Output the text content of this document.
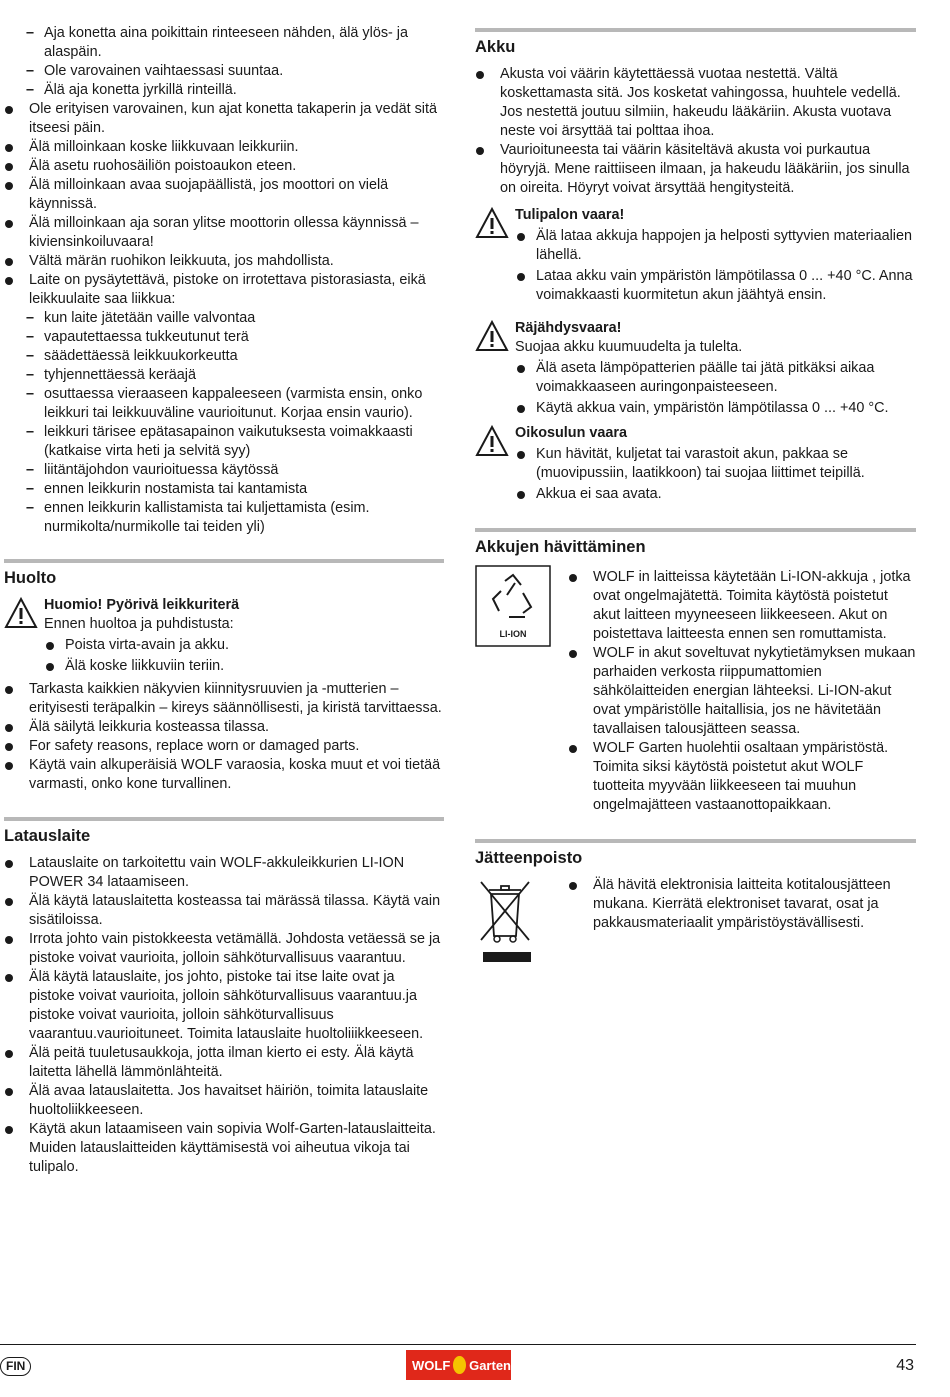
– Aja konetta aina poikittain rinteeseen nähden, älä ylös- ja alaspäin.
– Ole varovainen vaihtaessasi suuntaa.
– Älä aja konetta jyrkillä rinteillä.
Ole erityisen varovainen, kun ajat konetta takaperin ja vedät sitä itseesi päin.
Älä milloinkaan koske liikkuvaan leikkuriin.
Älä asetu ruohosäiliön poistoaukon eteen.
Älä milloinkaan avaa suojapäällistä, jos moottori on vielä käynnissä.
Älä milloinkaan aja soran ylitse moottorin ollessa käynnissä – kiviensinkoiluvaara!
Vältä märän ruohikon leikkuuta, jos mahdollista.
Laite on pysäytettävä, pistoke on irrotettava pistorasiasta, eikä leikkuulaite saa liikkua:
– kun laite jätetään vaille valvontaa
– vapautettaessa tukkeutunut terä
– säädettäessä leikkuukorkeutta
– tyhjennettäessä keräajä
– osuttaessa vieraaseen kappaleeseen (varmista ensin, onko leikkuri tai leikkuuväline vaurioitunut. Korjaa ensin vaurio).
– leikkuri tärisee epätasapainon vaikutuksesta voimakkaasti (katkaise virta heti ja selvitä syy)
– liitäntäjohdon vaurioituessa käytössä
– ennen leikkurin nostamista tai kantamista
– ennen leikkurin kallistamista tai kuljettamista (esim. nurmikolta/nurmikolle tai teiden yli)
Huolto
Huomio! Pyörivä leikkuriterä
Ennen huoltoa ja puhdistusta:
Poista virta-avain ja akku.
Älä koske liikkuviin teriin.
Tarkasta kaikkien näkyvien kiinnitysruuvien ja -mutterien – erityisesti teräpalkin – kireys säännöllisesti, ja kiristä tarvittaessa.
Älä säilytä leikkuria kosteassa tilassa.
For safety reasons, replace worn or damaged parts.
Käytä vain alkuperäisiä WOLF varaosia, koska muut et voi tietää varmasti, onko kone turvallinen.
Latauslaite
Latauslaite on tarkoitettu vain WOLF-akkuleikkurien LI-ION POWER 34 lataamiseen.
Älä käytä latauslaitetta kosteassa tai märässä tilassa. Käytä vain sisätiloissa.
Irrota johto vain pistokkeesta vetämällä. Johdosta vetäessä se ja pistoke voivat vaurioita, jolloin sähköturvallisuus vaarantuu.
Älä käytä latauslaite, jos johto, pistoke tai itse laite ovat ja pistoke voivat vaurioita, jolloin sähköturvallisuus vaarantuu.ja pistoke voivat vaurioita, jolloin sähköturvallisuus vaarantuu.vaurioituneet. Toimita latauslaite huoltoliiikkeeseen.
Älä peitä tuuletusaukkoja, jotta ilman kierto ei esty. Älä käytä laitetta lähellä lämmönlähteitä.
Älä avaa latauslaitetta. Jos havaitset häiriön, toimita latauslaite huoltoliikkeeseen.
Käytä akun lataamiseen vain sopivia Wolf-Garten-latauslaitteita. Muiden latauslaitteiden käyttämisestä voi aiheutua vikoja tai tulipalo.
Akku
Akusta voi väärin käytettäessä vuotaa nestettä. Vältä koskettamasta sitä. Jos kosketat vahingossa, huuhtele vedellä. Jos nestettä joutuu silmiin, hakeudu lääkäriin. Akusta vuotava neste voi ärsyttää tai polttaa ihoa.
Vaurioituneesta tai väärin käsiteltävä akusta voi purkautua höyryjä. Mene raittiiseen ilmaan, ja hakeudu lääkäriin, jos sinulla on oireita. Höyryt voivat ärsyttää hengitysteitä.
Tulipalon vaara!
Älä lataa akkuja happojen ja helposti syttyvien materiaalien lähellä.
Lataa akku vain ympäristön lämpötilassa 0 ... +40 °C. Anna voimakkaasti kuormitetun akun jäähtyä ensin.
Räjähdysvaara!
Suojaa akku kuumuudelta ja tulelta.
Älä aseta lämpöpatterien päälle tai jätä pitkäksi aikaa voimakkaaseen auringonpaisteeseen.
Käytä akkua vain, ympäristön lämpötilassa 0 ... +40 °C.
Oikosulun vaara
Kun hävität, kuljetat tai varastoit akun, pakkaa se (muovipussiin, laatikkoon) tai suojaa liittimet teipillä.
Akkua ei saa avata.
Akkujen hävittäminen
LI-ION
WOLF in laitteissa käytetään Li-ION-akkuja , jotka ovat ongelmajätettä. Toimita käytöstä poistetut akut laitteen myyneeseen liikkeeseen. Akut on poistettava laitteesta ennen sen romuttamista.
WOLF in akut soveltuvat nykytietämyksen mukaan parhaiden verkosta riippumattomien sähkölaitteiden energian lähteeksi. Li-ION-akut ovat ympäristölle haitallisia, jos ne hävitetään tavallaisen talousjätteen seassa.
WOLF Garten huolehtii osaltaan ympäristöstä. Toimita siksi käytöstä poistetut akut WOLF tuotteita myyvään liikkeeseen tai muuhun ongelmajätteen vastaanottopaikkaan.
Jätteenpoisto
Älä hävitä elektronisia laitteita kotitalousjätteen mukana. Kierrätä elektroniset tavarat, osat ja pakkausmateriaalit ympäristöystävällisesti.
FIN	WOLF Garten	43
